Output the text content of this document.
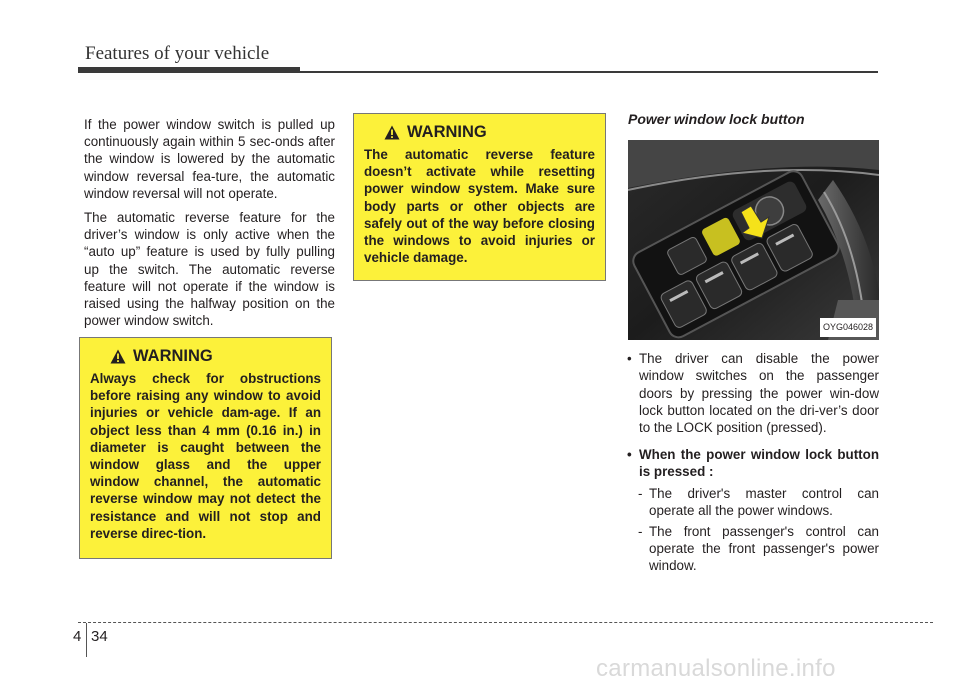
Features of your vehicle

If the power window switch is pulled up continuously again within 5 sec-onds after the window is lowered by the automatic window reversal fea-ture, the automatic window reversal will not operate.

The automatic reverse feature for the driver’s window is only active when the “auto up” feature is used by fully pulling up the switch. The automatic reverse feature will not operate if the window is raised using the halfway position on the power window switch.

WARNING
The automatic reverse feature doesn’t activate while resetting power window system. Make sure body parts or other objects are safely out of the way before closing the windows to avoid injuries or vehicle damage.
WARNING
Always check for obstructions before raising any window to avoid injuries or vehicle dam-age. If an object less than 4 mm (0.16 in.) in diameter is caught between the window glass and the upper window channel, the automatic reverse window may not detect the resistance and will not stop and reverse direc-tion.
Power window lock button
OYG046028
• The driver can disable the power window switches on the passenger doors by pressing the power win-dow lock button located on the dri-ver’s door to the LOCK position (pressed).
• When the power window lock button is pressed :
- The driver's master control can operate all the power windows.
- The front passenger's control can operate the front passenger's power window.
4 34
carmanualsonline.info
